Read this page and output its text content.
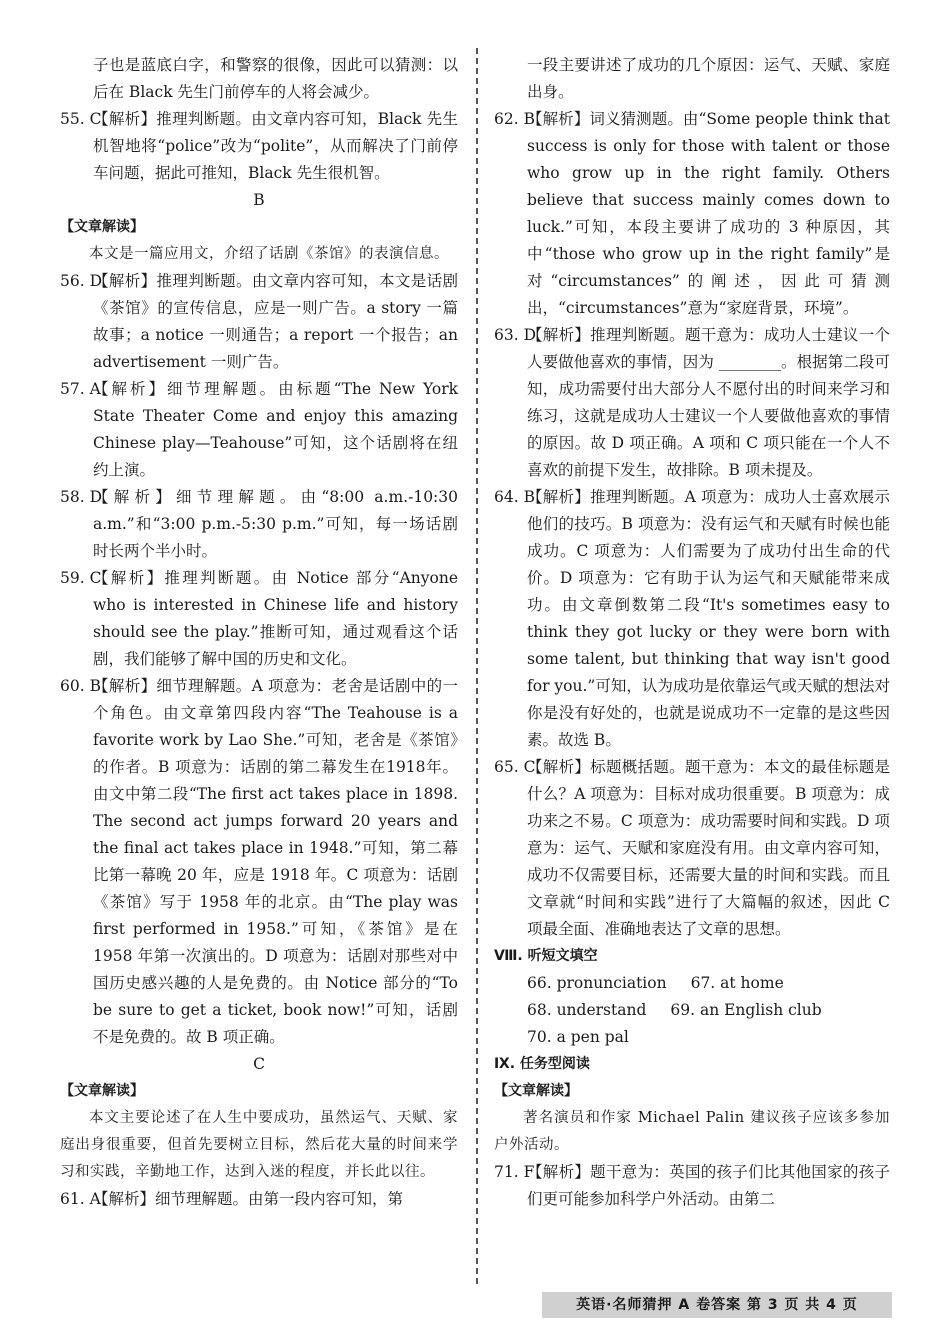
子也是蓝底白字，和警察的很像，因此可以猜测：以后在 Black 先生门前停车的人将会减少。

55. C
【解析】推理判断题。由文章内容可知，Black 先生机智地将“police”改为“polite”，从而解决了门前停车问题，据此可推知，Black 先生很机智。

B

【文章解读】

本文是一篇应用文，介绍了话剧《茶馆》的表演信息。

56. D
【解析】推理判断题。由文章内容可知，本文是话剧《茶馆》的宣传信息，应是一则广告。a story 一篇故事；a notice 一则通告；a report 一个报告；an advertisement 一则广告。
57. A
【解析】细节理解题。由标题“The New York State Theater Come and enjoy this amazing Chinese play—Teahouse”可知，这个话剧将在纽约上演。
58. D
【解析】细节理解题。由“8:00 a.m.-10:30 a.m.”和“3:00 p.m.-5:30 p.m.”可知，每一场话剧时长两个半小时。
59. C
【解析】推理判断题。由 Notice 部分“Anyone who is interested in Chinese life and history should see the play.”推断可知，通过观看这个话剧，我们能够了解中国的历史和文化。
60. B
【解析】细节理解题。A 项意为：老舍是话剧中的一个角色。由文章第四段内容“The Teahouse is a favorite work by Lao She.”可知，老舍是《茶馆》的作者。B 项意为：话剧的第二幕发生在1918年。由文中第二段“The first act takes place in 1898. The second act jumps forward 20 years and the final act takes place in 1948.”可知，第二幕比第一幕晚 20 年，应是 1918 年。C 项意为：话剧《茶馆》写于 1958 年的北京。由“The play was first performed in 1958.”可知，《茶馆》是在 1958 年第一次演出的。D 项意为：话剧对那些对中国历史感兴趣的人是免费的。由 Notice 部分的“To be sure to get a ticket, book now!”可知，话剧不是免费的。故 B 项正确。

C

【文章解读】

本文主要论述了在人生中要成功，虽然运气、天赋、家庭出身很重要，但首先要树立目标，然后花大量的时间来学习和实践，辛勤地工作，达到入迷的程度，并长此以往。

61. A
【解析】细节理解题。由第一段内容可知，第

一段主要讲述了成功的几个原因：运气、天赋、家庭出身。

62. B
【解析】词义猜测题。由“Some people think that success is only for those with talent or those who grow up in the right family. Others believe that success mainly comes down to luck.”可知，本段主要讲了成功的 3 种原因，其中“those who grow up in the right family”是对“circumstances”的阐述，因此可猜测出，“circumstances”意为“家庭背景，环境”。
63. D
【解析】推理判断题。题干意为：成功人士建议一个人要做他喜欢的事情，因为 ________。根据第二段可知，成功需要付出大部分人不愿付出的时间来学习和练习，这就是成功人士建议一个人要做他喜欢的事情的原因。故 D 项正确。A 项和 C 项只能在一个人不喜欢的前提下发生，故排除。B 项未提及。
64. B
【解析】推理判断题。A 项意为：成功人士喜欢展示他们的技巧。B 项意为：没有运气和天赋有时候也能成功。C 项意为：人们需要为了成功付出生命的代价。D 项意为：它有助于认为运气和天赋能带来成功。由文章倒数第二段“It's sometimes easy to think they got lucky or they were born with some talent, but thinking that way isn't good for you.”可知，认为成功是依靠运气或天赋的想法对你是没有好处的，也就是说成功不一定靠的是这些因素。故选 B。
65. C
【解析】标题概括题。题干意为：本文的最佳标题是什么？A 项意为：目标对成功很重要。B 项意为：成功来之不易。C 项意为：成功需要时间和实践。D 项意为：运气、天赋和家庭没有用。由文章内容可知，成功不仅需要目标，还需要大量的时间和实践。而且文章就“时间和实践”进行了大篇幅的叙述，因此 C 项最全面、准确地表达了文章的思想。

Ⅷ. 听短文填空

66. pronunciation 67. at home

68. understand 69. an English club

70. a pen pal

Ⅸ. 任务型阅读

【文章解读】

著名演员和作家 Michael Palin 建议孩子应该多参加户外活动。

71. F
【解析】题干意为：英国的孩子们比其他国家的孩子们更可能参加科学户外活动。由第二
英语·名师猜押 A 卷答案 第 3 页 共 4 页
